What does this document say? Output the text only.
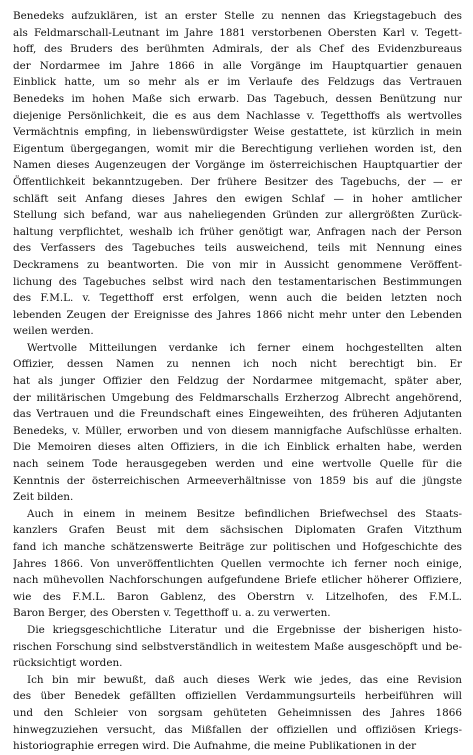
Benedeks aufzuklären, ist an erster Stelle zu nennen das Kriegstagebuch des
als Feldmarschall-Leutnant im Jahre 1881 verstorbenen Obersten Karl v. Tegett-
hoff, des Bruders des berühmten Admirals, der als Chef des Evidenzbureaus
der Nordarmee im Jahre 1866 in alle Vorgänge im Hauptquartier genauen
Einblick hatte, um so mehr als er im Verlaufe des Feldzugs das Vertrauen
Benedeks im hohen Maße sich erwarb. Das Tagebuch, dessen Benützung nur
diejenige Persönlichkeit, die es aus dem Nachlasse v. Tegetthoffs als wertvolles
Vermächtnis empfing, in liebenswürdigster Weise gestattete, ist kürzlich in mein
Eigentum übergegangen, womit mir die Berechtigung verliehen worden ist, den
Namen dieses Augenzeugen der Vorgänge im österreichischen Hauptquartier der
Öffentlichkeit bekanntzugeben. Der frühere Besitzer des Tagebuchs, der — er
schläft seit Anfang dieses Jahres den ewigen Schlaf — in hoher amtlicher
Stellung sich befand, war aus naheliegenden Gründen zur allergrößten Zurück-
haltung verpflichtet, weshalb ich früher genötigt war, Anfragen nach der Person
des Verfassers des Tagebuches teils ausweichend, teils mit Nennung eines
Deckramens zu beantworten. Die von mir in Aussicht genommene Veröffent-
lichung des Tagebuches selbst wird nach den testamentarischen Bestimmungen
des F.M.L. v. Tegetthoff erst erfolgen, wenn auch die beiden letzten noch
lebenden Zeugen der Ereignisse des Jahres 1866 nicht mehr unter den Lebenden
weilen werden.

Wertvolle Mitteilungen verdanke ich ferner einem hochgestellten alten
Offizier, dessen Namen zu nennen ich noch nicht berechtigt bin. Er
hat als junger Offizier den Feldzug der Nordarmee mitgemacht, später aber,
der militärischen Umgebung des Feldmarschalls Erzherzog Albrecht angehörend,
das Vertrauen und die Freundschaft eines Eingeweihten, des früheren Adjutanten
Benedeks, v. Müller, erworben und von diesem mannigfache Aufschlüsse erhalten.
Die Memoiren dieses alten Offiziers, in die ich Einblick erhalten habe, werden
nach seinem Tode herausgegeben werden und eine wertvolle Quelle für die
Kenntnis der österreichischen Armeeverhältnisse von 1859 bis auf die jüngste
Zeit bilden.

Auch in einem in meinem Besitze befindlichen Briefwechsel des Staats-
kanzlers Grafen Beust mit dem sächsischen Diplomaten Grafen Vitzthum
fand ich manche schätzenswerte Beiträge zur politischen und Hofgeschichte des
Jahres 1866. Von unveröffentlichten Quellen vermochte ich ferner noch einige,
nach mühevollen Nachforschungen aufgefundene Briefe etlicher höherer Offiziere,
wie des F.M.L. Baron Gablenz, des Oberstrn v. Litzelhofen, des F.M.L.
Baron Berger, des Obersten v. Tegetthoff u. a. zu verwerten.

Die kriegsgeschichtliche Literatur und die Ergebnisse der bisherigen histo-
rischen Forschung sind selbstverständlich in weitestem Maße ausgeschöpft und be-
rücksichtigt worden.

Ich bin mir bewußt, daß auch dieses Werk wie jedes, das eine Revision
des über Benedek gefällten offiziellen Verdammungsurteils herbeiführen will
und den Schleier von sorgsam gehüteten Geheimnissen des Jahres 1866
hinwegzuziehen versucht, das Mißfallen der offiziellen und offiziösen Kriegs-
historiographie erregen wird. Die Aufnahme, die meine Publikationen in der
